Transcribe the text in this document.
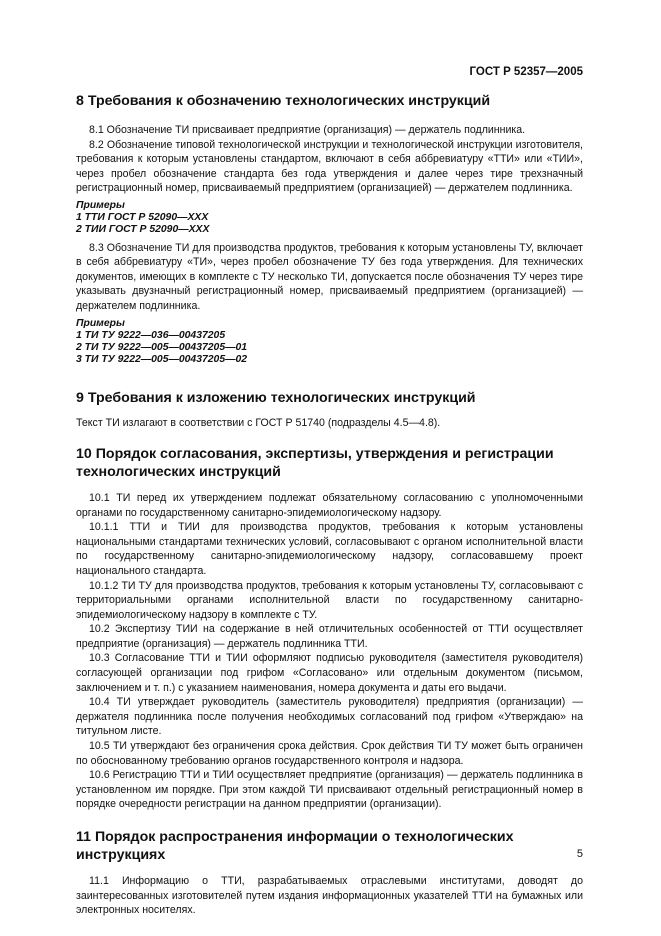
ГОСТ Р 52357—2005
8 Требования к обозначению технологических инструкций

8.1 Обозначение ТИ присваивает предприятие (организация) — держатель подлинника.

8.2 Обозначение типовой технологической инструкции и технологической инструкции изготовителя, требования к которым установлены стандартом, включают в себя аббревиатуру «ТТИ» или «ТИИ», через пробел обозначение стандарта без года утверждения и далее через тире трехзначный регистрационный номер, присваиваемый предприятием (организацией) — держателем подлинника.

Примеры
1 ТТИ ГОСТ Р 52090—ХХХ
2 ТИИ ГОСТ Р 52090—ХХХ

8.3 Обозначение ТИ для производства продуктов, требования к которым установлены ТУ, включает в себя аббревиатуру «ТИ», через пробел обозначение ТУ без года утверждения. Для технических документов, имеющих в комплекте с ТУ несколько ТИ, допускается после обозначения ТУ через тире указывать двузначный регистрационный номер, присваиваемый предприятием (организацией) — держателем подлинника.

Примеры
1 ТИ ТУ 9222—036—00437205
2 ТИ ТУ 9222—005—00437205—01
3 ТИ ТУ 9222—005—00437205—02
9 Требования к изложению технологических инструкций

Текст ТИ излагают в соответствии с ГОСТ Р 51740 (подразделы 4.5—4.8).

10 Порядок согласования, экспертизы, утверждения и регистрации технологических инструкций

10.1 ТИ перед их утверждением подлежат обязательному согласованию с уполномоченными органами по государственному санитарно-эпидемиологическому надзору.

10.1.1 ТТИ и ТИИ для производства продуктов, требования к которым установлены национальными стандартами технических условий, согласовывают с органом исполнительной власти по государственному санитарно-эпидемиологическому надзору, согласовавшему проект национального стандарта.

10.1.2 ТИ ТУ для производства продуктов, требования к которым установлены ТУ, согласовывают с территориальными органами исполнительной власти по государственному санитарно-эпидемиологическому надзору в комплекте с ТУ.

10.2 Экспертизу ТИИ на содержание в ней отличительных особенностей от ТТИ осуществляет предприятие (организация) — держатель подлинника ТТИ.

10.3 Согласование ТТИ и ТИИ оформляют подписью руководителя (заместителя руководителя) согласующей организации под грифом «Согласовано» или отдельным документом (письмом, заключением и т. п.) с указанием наименования, номера документа и даты его выдачи.

10.4 ТИ утверждает руководитель (заместитель руководителя) предприятия (организации) — держателя подлинника после получения необходимых согласований под грифом «Утверждаю» на титульном листе.

10.5 ТИ утверждают без ограничения срока действия. Срок действия ТИ ТУ может быть ограничен по обоснованному требованию органов государственного контроля и надзора.

10.6 Регистрацию ТТИ и ТИИ осуществляет предприятие (организация) — держатель подлинника в установленном им порядке. При этом каждой ТИ присваивают отдельный регистрационный номер в порядке очередности регистрации на данном предприятии (организации).

11 Порядок распространения информации о технологических инструкциях

11.1 Информацию о ТТИ, разрабатываемых отраслевыми институтами, доводят до заинтересованных изготовителей путем издания информационных указателей ТТИ на бумажных или электронных носителях.

5
